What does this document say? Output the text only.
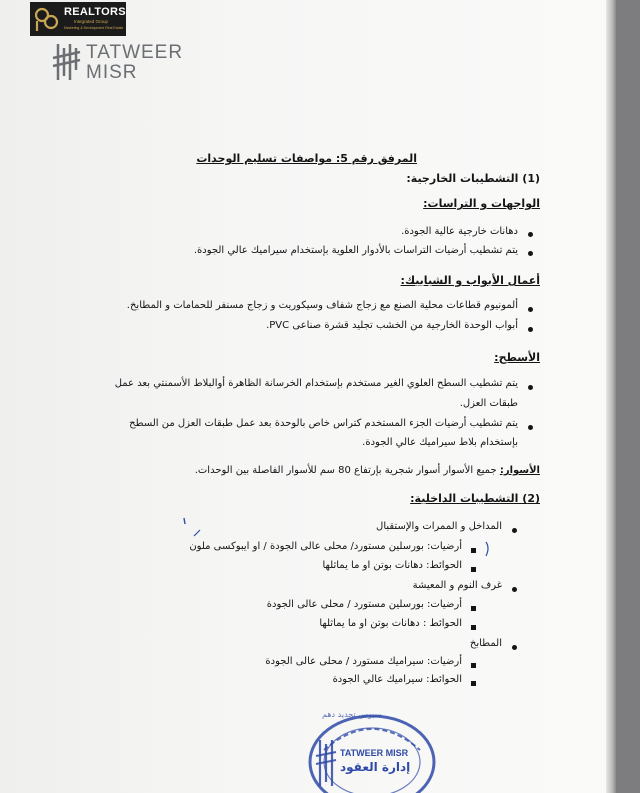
REALTORS
Integrated Group
Marketing & Development Real Estate
TATWEER
MISR
المرفق رقم 5: مواصفات تسليم الوحدات
(1) التشطيبات الخارجية:
الواجهات و التراسات:
دهانات خارجية عالية الجودة.
يتم تشطيب أرضيات التراسات بالأدوار العلوية بإستخدام سيراميك عالي الجودة.
أعمال الأبواب و الشبابيك:
ألمونيوم قطاعات محلية الصنع مع زجاج شفاف وسيكوريت و زجاج مسنفر للحمامات و المطابخ.
أبواب الوحدة الخارجية من الخشب تجليد قشرة صناعى PVC.
الأسطح:
يتم تشطيب السطح العلوي الغير مستخدم بإستخدام الخرسانة الظاهرة أوالبلاط الأسمنتي بعد عمل
طبقات العزل.
يتم تشطيب أرضيات الجزء المستخدم كتراس خاص بالوحدة بعد عمل طبقات العزل من السطح
بإستخدام بلاط سيراميك عالي الجودة.
الأسوار: جميع الأسوار أسوار شجرية بإرتفاع 80 سم للأسوار الفاصلة بين الوحدات.
(2) التشطيبات الداخلية:
المداخل و الممرات والإستقبال
أرضيات: بورسلين مستورد/ محلى عالى الجودة / او ايبوكسى ملون
الحوائط: دهانات بوتن او ما يماثلها
غرف النوم و المعيشة
أرضيات: بورسلين مستورد / محلى عالى الجودة
الحوائط : دهانات بوتن او ما يماثلها
المطابخ
أرضيات: سيراميك مستورد / محلى عالى الجودة
الحوائط: سيراميك عالي الجودة
TATWEER MISR
إدارة العقود
سيوس تجديد دهم
